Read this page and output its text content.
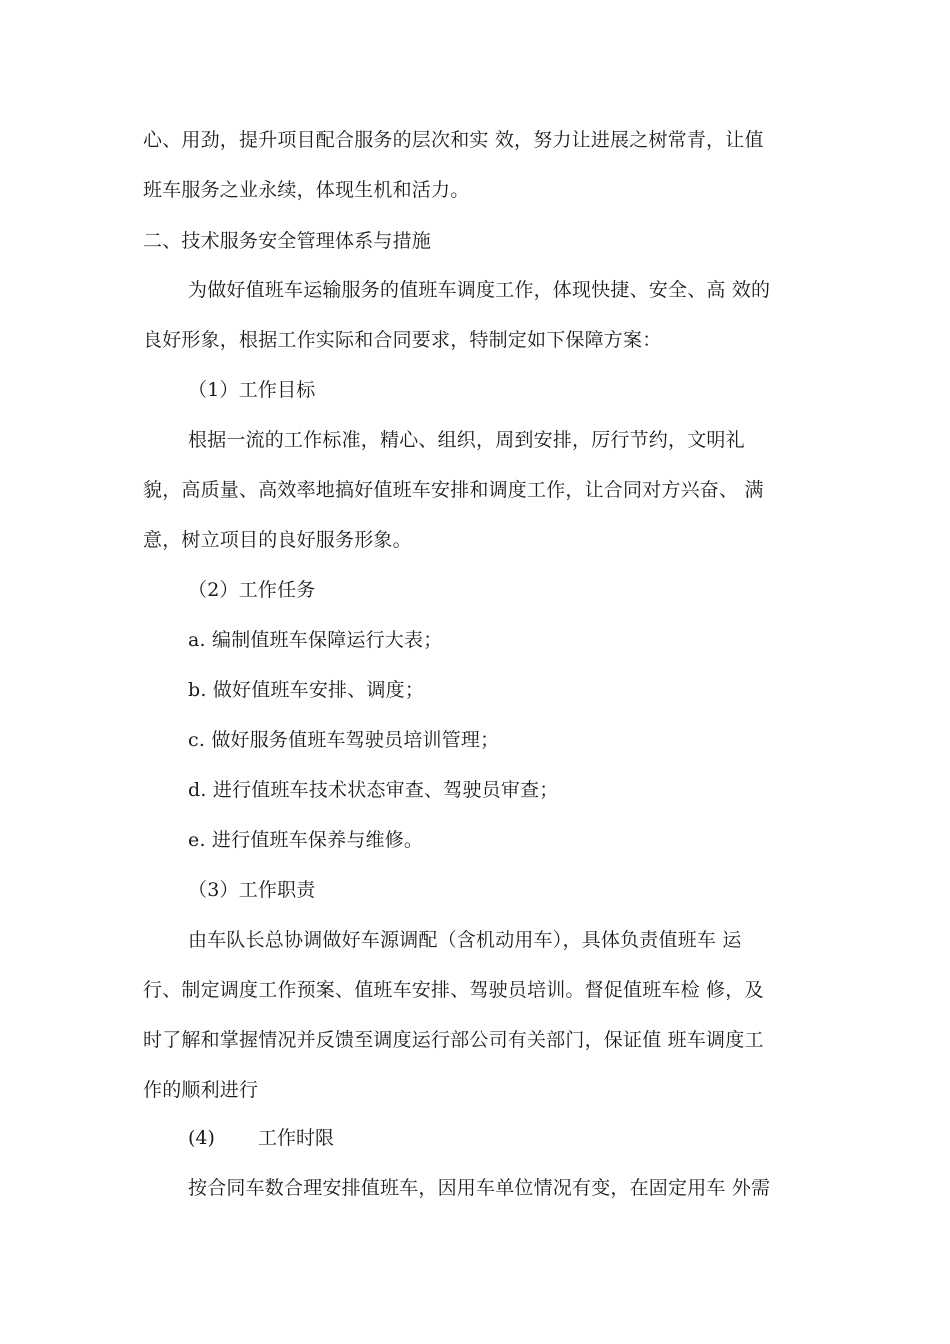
心、用劲，提升项目配合服务的层次和实 效，努力让进展之树常青，让值
班车服务之业永续，体现生机和活力。
二、技术服务安全管理体系与措施
为做好值班车运输服务的值班车调度工作，体现快捷、安全、高 效的
良好形象，根据工作实际和合同要求，特制定如下保障方案：
（1）工作目标
根据一流的工作标准，精心、组织，周到安排，厉行节约，文明礼
貌，高质量、高效率地搞好值班车安排和调度工作，让合同对方兴奋、 满
意，树立项目的良好服务形象。
（2）工作任务
a. 编制值班车保障运行大表；
b. 做好值班车安排、调度；
c. 做好服务值班车驾驶员培训管理；
d. 进行值班车技术状态审查、驾驶员审查；
e. 进行值班车保养与维修。
（3）工作职责
由车队长总协调做好车源调配（含机动用车），具体负责值班车 运
行、制定调度工作预案、值班车安排、驾驶员培训。督促值班车检 修，及
时了解和掌握情况并反馈至调度运行部公司有关部门，保证值 班车调度工
作的顺利进行
(4) 工作时限
按合同车数合理安排值班车，因用车单位情况有变，在固定用车 外需
